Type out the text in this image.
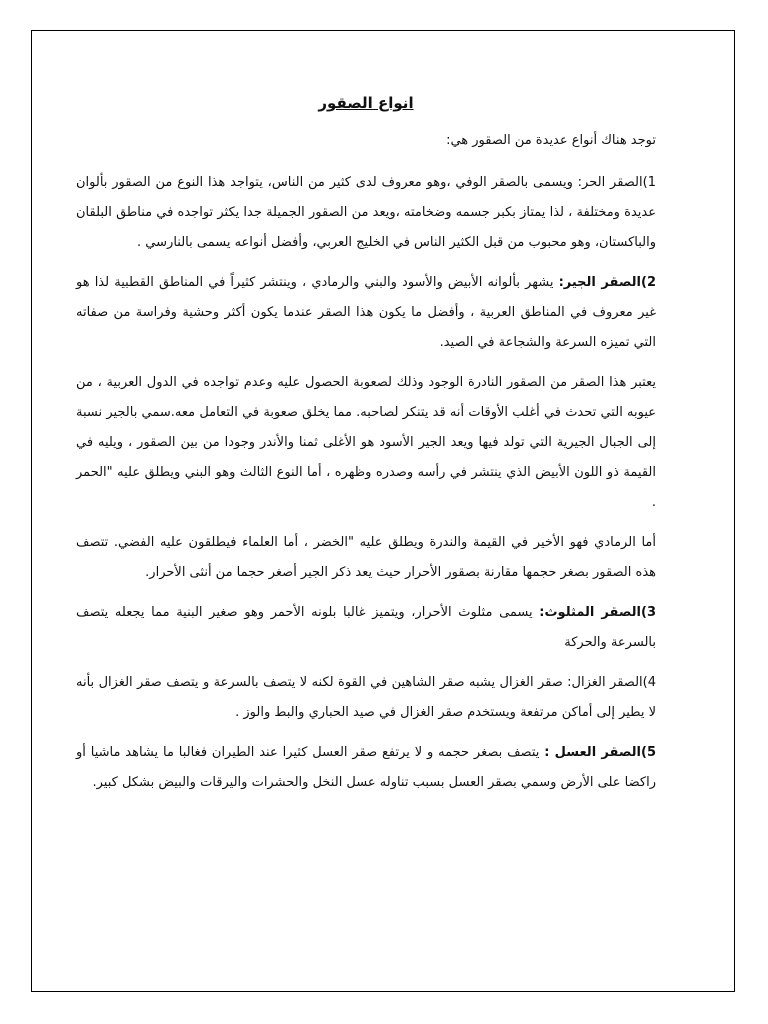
انواع الصقور

توجد هناك أنواع عديدة من الصقور هي:

1)الصقر الحر: ويسمى بالصقر الوفي ،وهو معروف لدى كثير من الناس، يتواجد هذا النوع من الصقور بألوان عديدة ومختلفة ، لذا يمتاز بكبر جسمه وضخامته ،ويعد من الصقور الجميلة جدا يكثر تواجده في مناطق البلقان والباكستان، وهو محبوب من قبل الكثير الناس في الخليج العربي، وأفضل أنواعه يسمى بالنارسي .

2)الصقر الجير: يشهر بألوانه الأبيض والأسود والبني والرمادي ، وينتشر كثيراً في المناطق القطبية لذا هو غير معروف في المناطق العربية ، وأفضل ما يكون هذا الصقر عندما يكون أكثر وحشية وفراسة من صفاته التي تميزه السرعة والشجاعة في الصيد.

يعتبر هذا الصقر من الصقور النادرة الوجود وذلك لصعوبة الحصول عليه وعدم تواجده في الدول العربية ، من عيوبه التي تحدث في أغلب الأوقات أنه قد يتنكر لصاحبه. مما يخلق صعوبة في التعامل معه.سمي بالجير نسبة إلى الجبال الجيرية التي تولد فيها ويعد الجير الأسود هو الأغلى ثمنا والأندر وجودا من بين الصقور ، ويليه في القيمة ذو اللون الأبيض الذي ينتشر في رأسه وصدره وظهره ، أما النوع الثالث وهو البني ويطلق عليه "الحمر .

أما الرمادي فهو الأخير في القيمة والندرة ويطلق عليه "الخضر ، أما العلماء فيطلقون عليه الفضي. تتصف هذه الصقور بصغر حجمها مقارنة بصقور الأحرار حيث يعد ذكر الجير أصغر حجما من أنثى الأحرار.

3)الصقر المثلوث: يسمى مثلوث الأحرار، ويتميز غالبا بلونه الأحمر وهو صغير البنية مما يجعله يتصف بالسرعة والحركة

4)الصقر الغزال: صقر الغزال يشبه صقر الشاهين في القوة لكنه لا يتصف بالسرعة و يتصف صقر الغزال بأنه لا يطير إلى أماكن مرتفعة ويستخدم صقر الغزال في صيد الحباري والبط والوز .

5)الصقر العسل : يتصف بصغر حجمه و لا يرتفع صقر العسل كثيرا عند الطيران فغالبا ما يشاهد ماشيا أو راكضا على الأرض وسمي بصقر العسل بسبب تناوله عسل النخل والحشرات واليرقات والبيض بشكل كبير.
